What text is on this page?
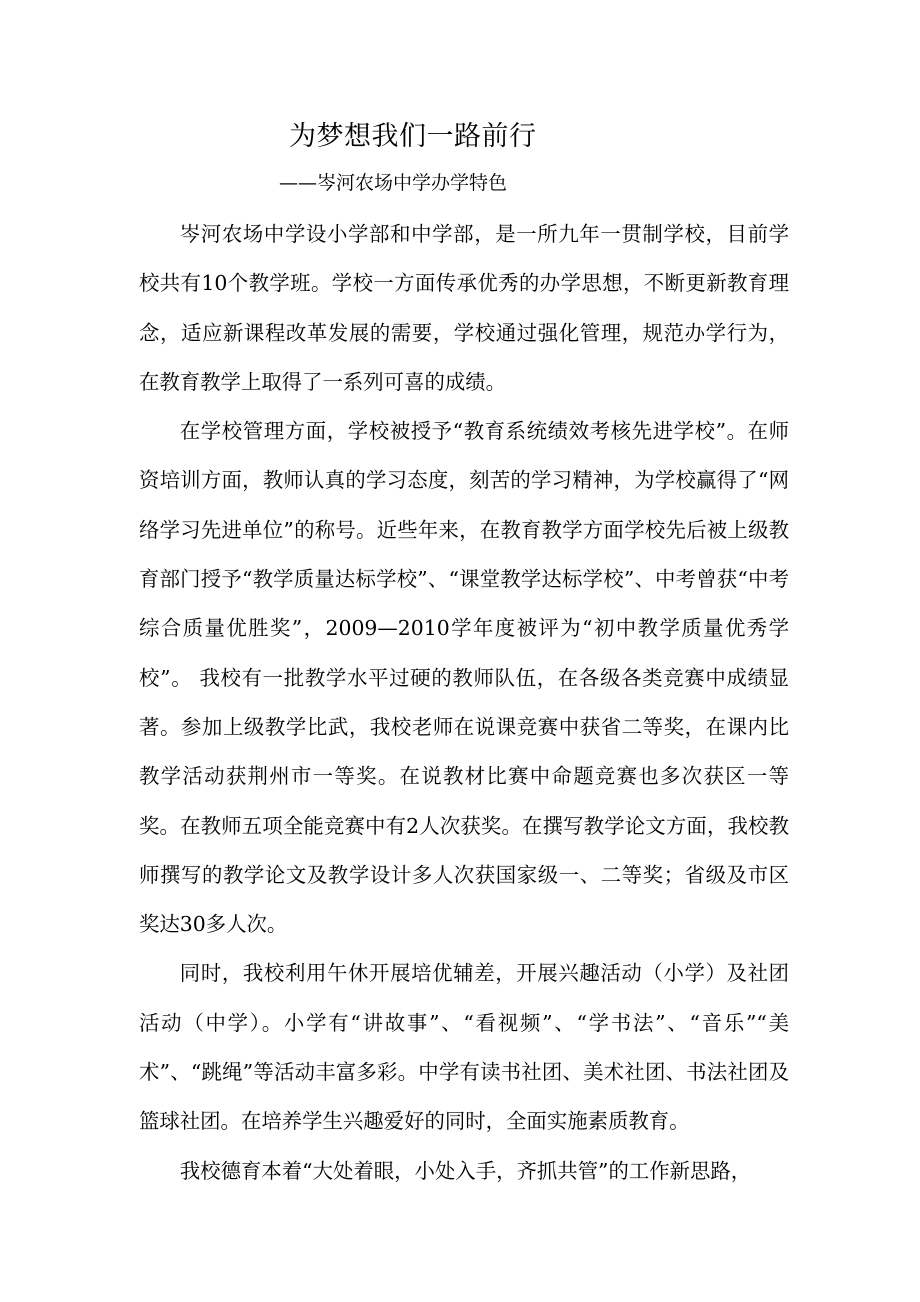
为梦想我们一路前行
——岑河农场中学办学特色

岑河农场中学设小学部和中学部，是一所九年一贯制学校，目前学校共有10个教学班。学校一方面传承优秀的办学思想，不断更新教育理念，适应新课程改革发展的需要，学校通过强化管理，规范办学行为，在教育教学上取得了一系列可喜的成绩。

在学校管理方面，学校被授予“教育系统绩效考核先进学校”。在师资培训方面，教师认真的学习态度，刻苦的学习精神，为学校赢得了“网络学习先进单位”的称号。近些年来，在教育教学方面学校先后被上级教育部门授予“教学质量达标学校”、“课堂教学达标学校”、中考曾获“中考综合质量优胜奖”，2009—2010学年度被评为“初中教学质量优秀学校”。 我校有一批教学水平过硬的教师队伍，在各级各类竞赛中成绩显著。参加上级教学比武，我校老师在说课竞赛中获省二等奖，在课内比教学活动获荆州市一等奖。在说教材比赛中命题竞赛也多次获区一等奖。在教师五项全能竞赛中有2人次获奖。在撰写教学论文方面，我校教师撰写的教学论文及教学设计多人次获国家级一、二等奖；省级及市区奖达30多人次。

同时，我校利用午休开展培优辅差，开展兴趣活动（小学）及社团活动（中学）。小学有“讲故事”、“看视频”、“学书法”、“音乐”“美术”、“跳绳”等活动丰富多彩。中学有读书社团、美术社团、书法社团及篮球社团。在培养学生兴趣爱好的同时，全面实施素质教育。

我校德育本着“大处着眼，小处入手，齐抓共管”的工作新思路，
